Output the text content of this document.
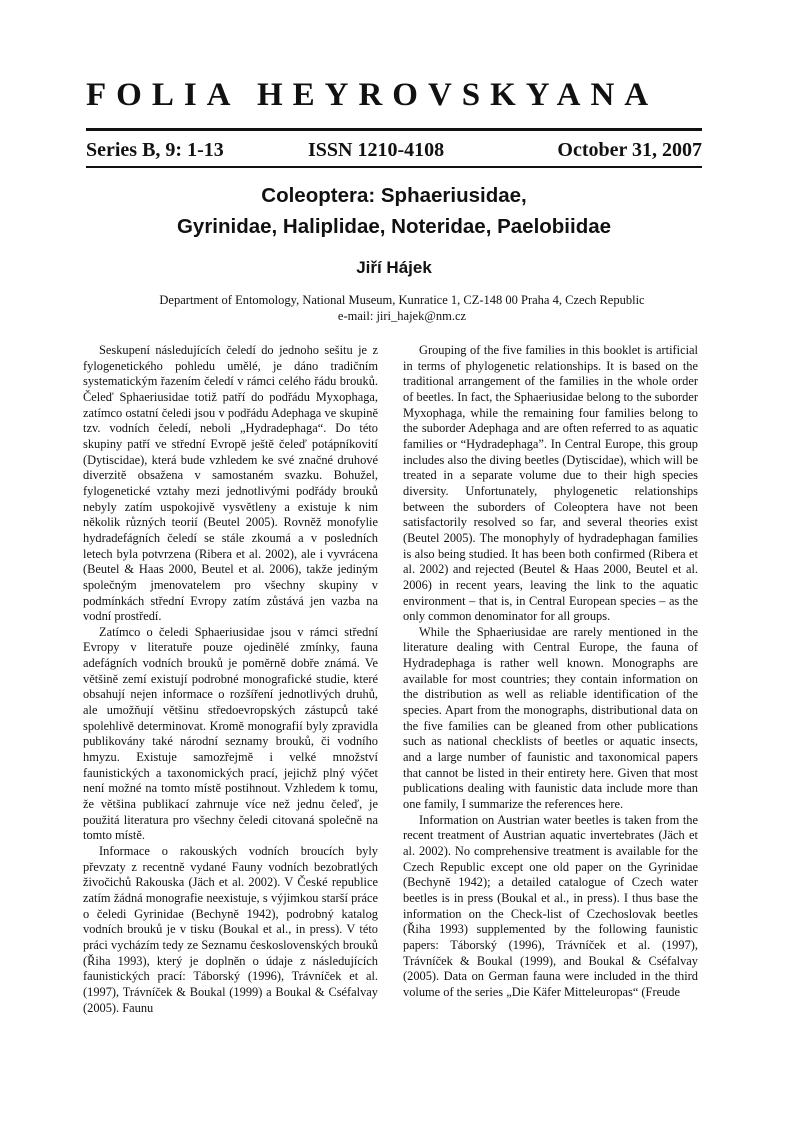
FOLIA HEYROVSKYANA
Series B, 9: 1-13	ISSN 1210-4108	October 31, 2007
Coleoptera: Sphaeriusidae,
Gyrinidae, Haliplidae, Noteridae, Paelobiidae
Jiří Hájek
Department of Entomology, National Museum, Kunratice 1, CZ-148 00 Praha 4, Czech Republic
e-mail: jiri_hajek@nm.cz

Seskupení následujících čeledí do jednoho sešitu je z fylogenetického pohledu umělé, je dáno tradičním systematickým řazením čeledí v rámci celého řádu brouků. Čeleď Sphaeriusidae totiž patří do podřádu Myxophaga, zatímco ostatní čeledi jsou v podřádu Adephaga ve skupině tzv. vodních čeledí, neboli „Hydradephaga“. Do této skupiny patří ve střední Evropě ještě čeleď potápníkovití (Dytiscidae), která bude vzhledem ke své značné druhové diverzitě obsažena v samostaném svazku. Bohužel, fylogenetické vztahy mezi jednotlivými podřády brouků nebyly zatím uspokojivě vysvětleny a existuje k nim několik různých teorií (Beutel 2005). Rovněž monofylie hydradefágních čeledí se stále zkoumá a v posledních letech byla potvrzena (Ribera et al. 2002), ale i vyvrácena (Beutel & Haas 2000, Beutel et al. 2006), takže jediným společným jmenovatelem pro všechny skupiny v podmínkách střední Evropy zatím zůstává jen vazba na vodní prostředí.

Zatímco o čeledi Sphaeriusidae jsou v rámci střední Evropy v literatuře pouze ojedinělé zmínky, fauna adefágních vodních brouků je poměrně dobře známá. Ve většině zemí existují podrobné monografické studie, které obsahují nejen informace o rozšíření jednotlivých druhů, ale umožňují většinu středoevropských zástupců také spolehlivě determinovat. Kromě monografií byly zpravidla publikovány také národní seznamy brouků, či vodního hmyzu. Existuje samozřejmě i velké množství faunistických a taxonomických prací, jejichž plný výčet není možné na tomto místě postihnout. Vzhledem k tomu, že většina publikací zahrnuje více než jednu čeleď, je použitá literatura pro všechny čeledi citovaná společně na tomto místě.

Informace o rakouských vodních broucích byly převzaty z recentně vydané Fauny vodních bezobratlých živočichů Rakouska (Jäch et al. 2002). V České republice zatím žádná monografie neexistuje, s výjimkou starší práce o čeledi Gyrinidae (Bechyně 1942), podrobný katalog vodních brouků je v tisku (Boukal et al., in press). V této práci vycházím tedy ze Seznamu československých brouků (Řiha 1993), který je doplněn o údaje z následujících faunistických prací: Táborský (1996), Trávníček et al. (1997), Trávníček & Boukal (1999) a Boukal & Cséfalvay (2005). Faunu

Grouping of the five families in this booklet is artificial in terms of phylogenetic relationships. It is based on the traditional arrangement of the families in the whole order of beetles. In fact, the Sphaeriusidae belong to the suborder Myxophaga, while the remaining four families belong to the suborder Adephaga and are often referred to as aquatic families or “Hydradephaga”. In Central Europe, this group includes also the diving beetles (Dytiscidae), which will be treated in a separate volume due to their high species diversity. Unfortunately, phylogenetic relationships between the suborders of Coleoptera have not been satisfactorily resolved so far, and several theories exist (Beutel 2005). The monophyly of hydradephagan families is also being studied. It has been both confirmed (Ribera et al. 2002) and rejected (Beutel & Haas 2000, Beutel et al. 2006) in recent years, leaving the link to the aquatic environment – that is, in Central European species – as the only common denominator for all groups.

While the Sphaeriusidae are rarely mentioned in the literature dealing with Central Europe, the fauna of Hydradephaga is rather well known. Monographs are available for most countries; they contain information on the distribution as well as reliable identification of the species. Apart from the monographs, distributional data on the five families can be gleaned from other publications such as national checklists of beetles or aquatic insects, and a large number of faunistic and taxonomical papers that cannot be listed in their entirety here. Given that most publications dealing with faunistic data include more than one family, I summarize the references here.

Information on Austrian water beetles is taken from the recent treatment of Austrian aquatic invertebrates (Jäch et al. 2002). No comprehensive treatment is available for the Czech Republic except one old paper on the Gyrinidae (Bechyně 1942); a detailed catalogue of Czech water beetles is in press (Boukal et al., in press). I thus base the information on the Check-list of Czechoslovak beetles (Řiha 1993) supplemented by the following faunistic papers: Táborský (1996), Trávníček et al. (1997), Trávníček & Boukal (1999), and Boukal & Cséfalvay (2005). Data on German fauna were included in the third volume of the series „Die Käfer Mitteleuropas“ (Freude
